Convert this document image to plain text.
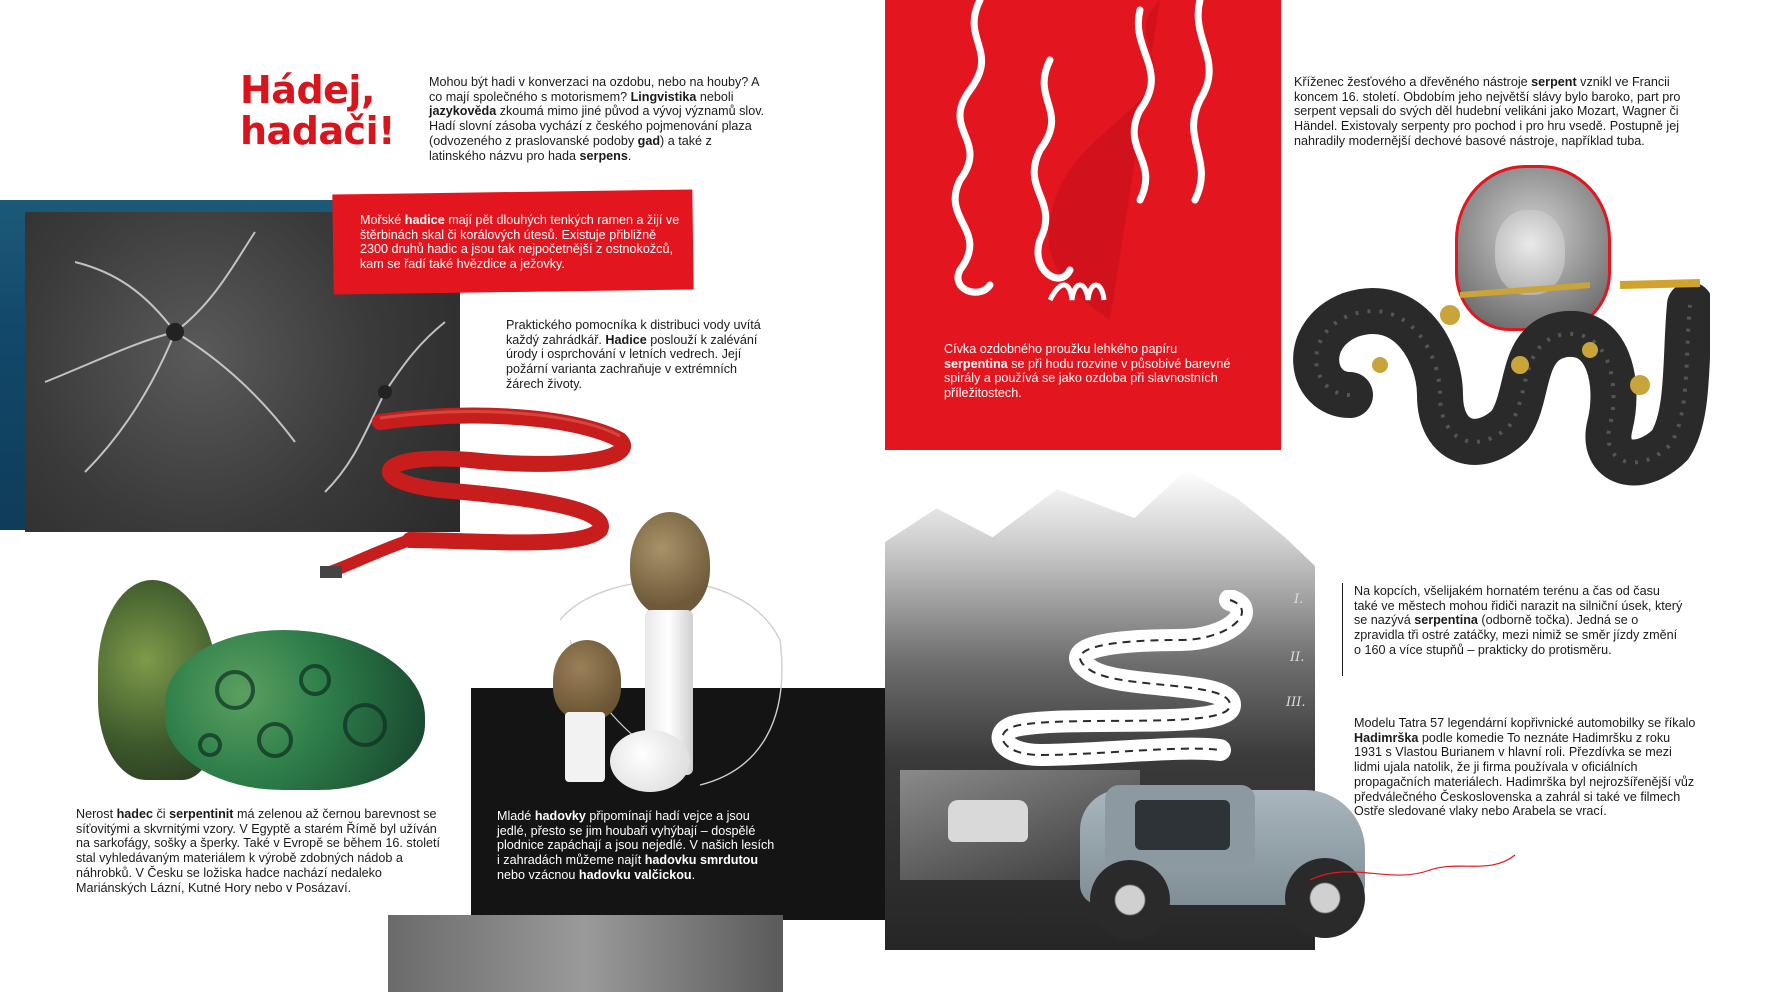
Hádej, hadači!
Mohou být hadi v konverzaci na ozdobu, nebo na houby? A co mají společného s motorismem? Lingvistika neboli jazykověda zkoumá mimo jiné původ a vývoj významů slov. Hadí slovní zásoba vychází z českého pojmenování plaza (odvozeného z praslovanské podoby gad) a také z latinského názvu pro hada serpens.
Mořské hadice mají pět dlouhých tenkých ramen a žijí ve štěrbinách skal či korálových útesů. Existuje přibližně 2300 druhů hadic a jsou tak nejpočetnější z ostnokožců, kam se řadí také hvězdice a ježovky.
Praktického pomocníka k distribuci vody uvítá každý zahrádkář. Hadice poslouží k zalévání úrody i osprchování v letních vedrech. Její požární varianta zachraňuje v extrémních žárech životy.
Nerost hadec či serpentinit má zelenou až černou barevnost se síťovitými a skvrnitými vzory. V Egyptě a starém Římě byl užíván na sarkofágy, sošky a šperky. Také v Evropě se během 16. století stal vyhledávaným materiálem k výrobě zdobných nádob a náhrobků. V Česku se ložiska hadce nachází nedaleko Mariánských Lázní, Kutné Hory nebo v Posázaví.
Mladé hadovky připomínají hadí vejce a jsou jedlé, přesto se jim houbaři vyhýbají – dospělé plodnice zapáchají a jsou nejedlé. V našich lesích i zahradách můžeme najít hadovku smrdutou nebo vzácnou hadovku valčickou.
Cívka ozdobného proužku lehkého papíru serpentina se při hodu rozvine v působivé barevné spirály a používá se jako ozdoba při slavnostních příležitostech.
Kříženec žesťového a dřevěného nástroje serpent vznikl ve Francii koncem 16. století. Obdobím jeho největší slávy bylo baroko, part pro serpent vepsali do svých děl hudební velikáni jako Mozart, Wagner či Händel. Existovaly serpenty pro pochod i pro hru vsedě. Postupně jej nahradily modernější dechové basové nástroje, například tuba.
I.
II.
III.
Na kopcích, všelijakém hornatém terénu a čas od času také ve městech mohou řidiči narazit na silniční úsek, který se nazývá serpentina (odborně točka). Jedná se o zpravidla tři ostré zatáčky, mezi nimiž se směr jízdy změní o 160 a více stupňů – prakticky do protisměru.
Modelu Tatra 57 legendární kopřivnické automobilky se říkalo Hadimrška podle komedie To neznáte Hadimršku z roku 1931 s Vlastou Burianem v hlavní roli. Přezdívka se mezi lidmi ujala natolik, že ji firma používala v oficiálních propagačních materiálech. Hadimrška byl nejrozšířenější vůz předválečného Československa a zahrál si také ve filmech Ostře sledované vlaky nebo Arabela se vrací.
